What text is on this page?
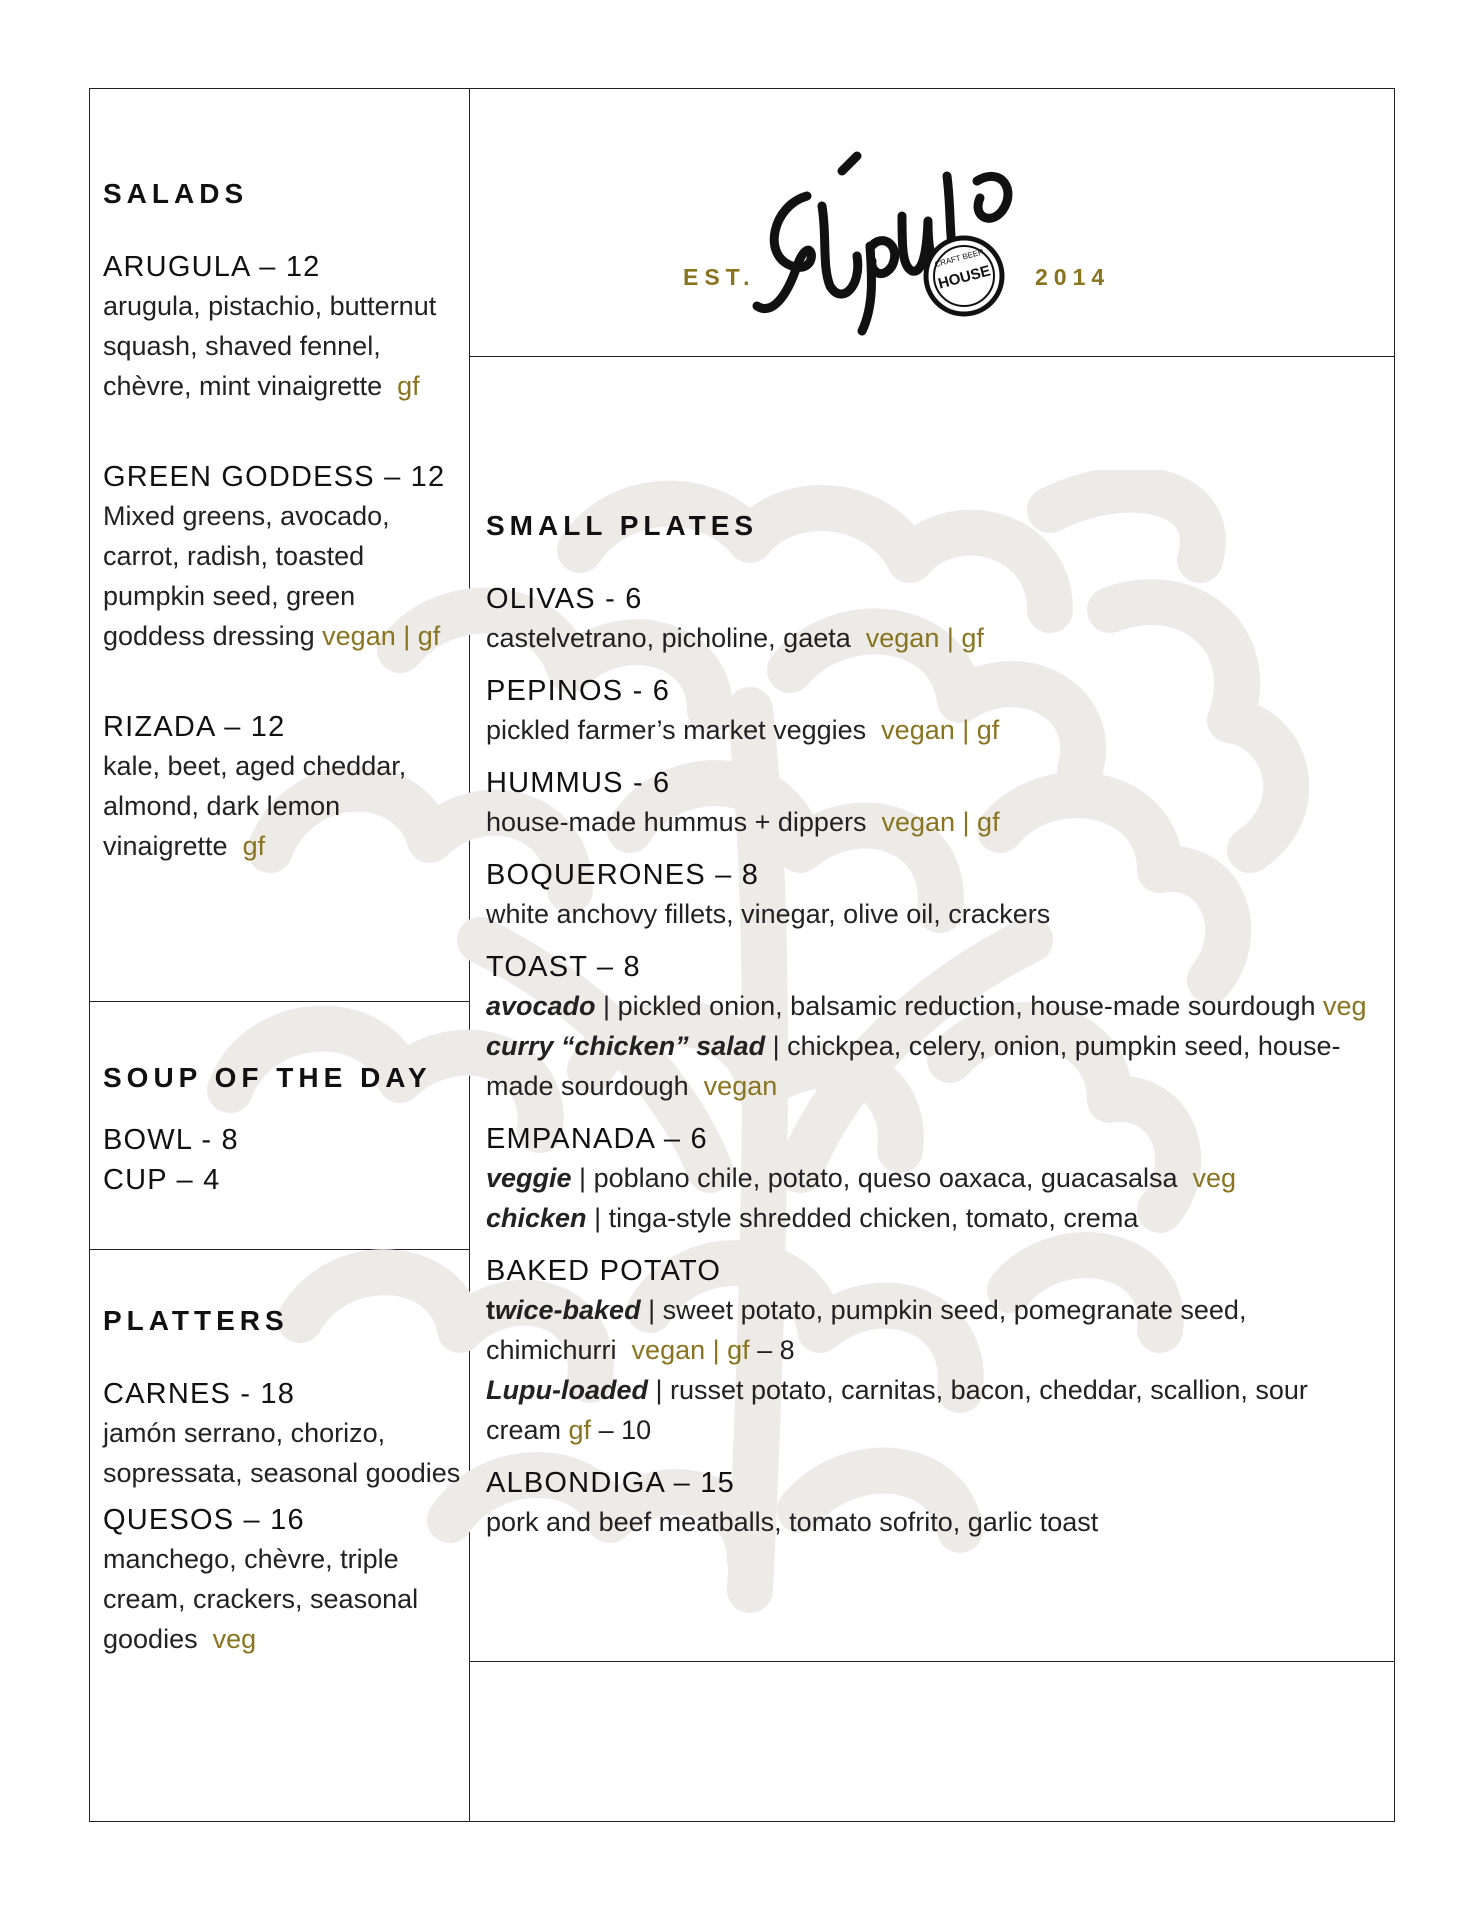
EST.	2014
HOUSE
CRAFT BEER
SALADS

ARUGULA – 12

arugula, pistachio, butternut squash, shaved fennel, chèvre, mint vinaigrette gf

GREEN GODDESS – 12

Mixed greens, avocado, carrot, radish, toasted pumpkin seed, green goddess dressing vegan | gf

RIZADA – 12

kale, beet, aged cheddar, almond, dark lemon vinaigrette gf

SOUP OF THE DAY

BOWL - 8

CUP – 4

PLATTERS

CARNES - 18

jamón serrano, chorizo, sopressata, seasonal goodies

QUESOS – 16

manchego, chèvre, triple cream, crackers, seasonal goodies veg

SMALL PLATES

OLIVAS - 6

castelvetrano, picholine, gaeta vegan | gf

PEPINOS - 6

pickled farmer’s market veggies vegan | gf

HUMMUS - 6

house-made hummus + dippers vegan | gf

BOQUERONES – 8

white anchovy fillets, vinegar, olive oil, crackers

TOAST – 8

avocado | pickled onion, balsamic reduction, house-made sourdough veg

curry “chicken” salad | chickpea, celery, onion, pumpkin seed, house-made sourdough vegan

EMPANADA – 6

veggie | poblano chile, potato, queso oaxaca, guacasalsa veg

chicken | tinga-style shredded chicken, tomato, crema

BAKED POTATO

twice-baked | sweet potato, pumpkin seed, pomegranate seed, chimichurri vegan | gf – 8

Lupu-loaded | russet potato, carnitas, bacon, cheddar, scallion, sour cream gf – 10

ALBONDIGA – 15

pork and beef meatballs, tomato sofrito, garlic toast
